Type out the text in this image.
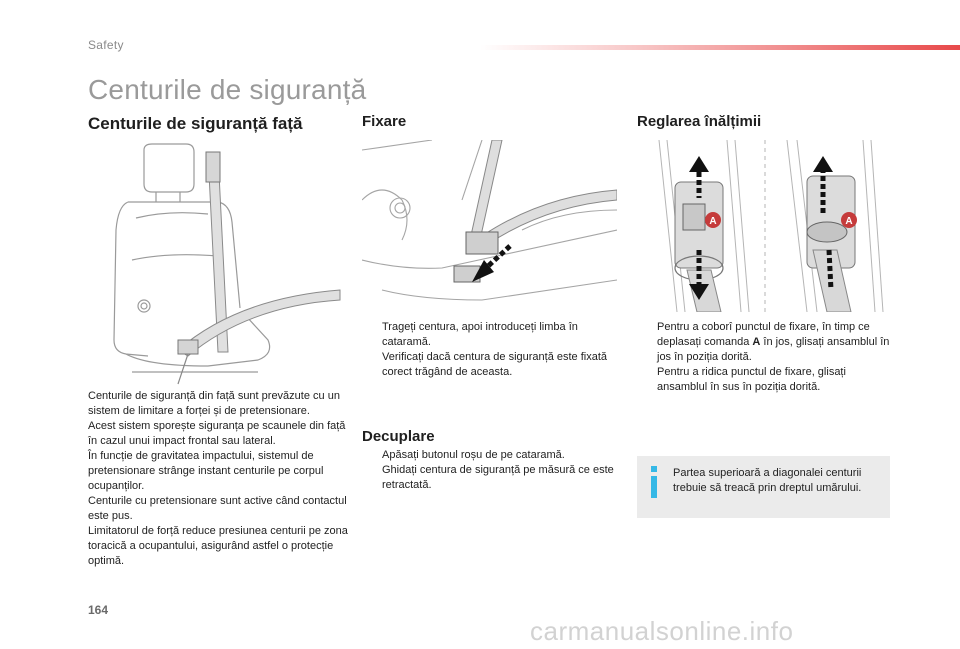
Safety
Centurile de siguranță
Centurile de siguranță față

Centurile de siguranță din față sunt prevăzute cu un sistem de limitare a forței și de pretensionare.

Acest sistem sporește siguranța pe scaunele din față în cazul unui impact frontal sau lateral.

În funcție de gravitatea impactului, sistemul de pretensionare strânge instant centurile pe corpul ocupanților.

Centurile cu pretensionare sunt active când contactul este pus.

Limitatorul de forță reduce presiunea centurii pe zona toracică a ocupantului, asigurând astfel o protecție optimă.

Fixare
Trageți centura, apoi introduceți limba în cataramă.
Verificați dacă centura de siguranță este fixată corect trăgând de aceasta.
Decuplare
Apăsați butonul roșu de pe cataramă.
Ghidați centura de siguranță pe măsură ce este retractată.
Reglarea înălțimii
A	A
Pentru a coborî punctul de fixare, în timp ce deplasați comanda A în jos, glisați ansamblul în jos în poziția dorită.
Pentru a ridica punctul de fixare, glisați ansamblul în sus în poziția dorită.
Partea superioară a diagonalei centurii trebuie să treacă prin dreptul umărului.
164
carmanualsonline.info
